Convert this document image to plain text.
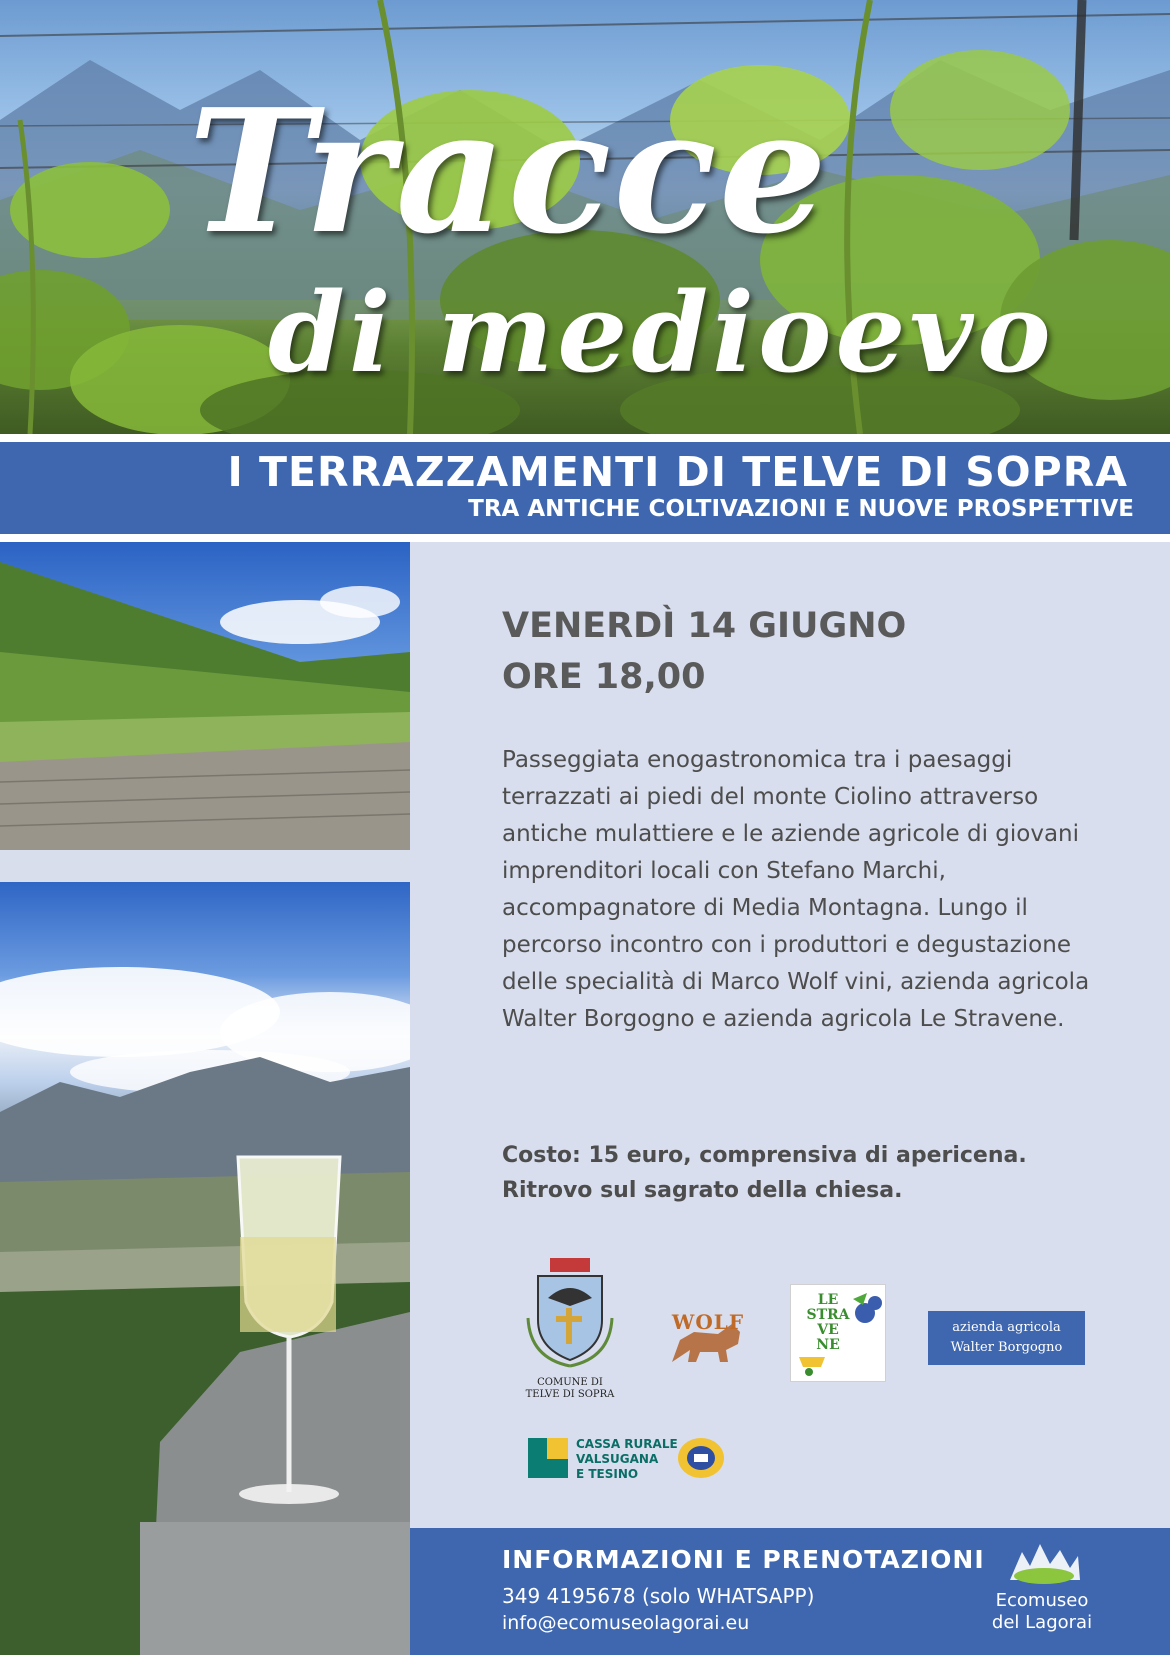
Tracce
di medioevo
I TERRAZZAMENTI DI TELVE DI SOPRA
TRA ANTICHE COLTIVAZIONI E NUOVE PROSPETTIVE
VENERDÌ 14 GIUGNO
ORE 18,00

Passeggiata enogastronomica tra i paesaggi terrazzati ai piedi del monte Ciolino attraverso antiche mulattiere e le aziende agricole di giovani imprenditori locali con Stefano Marchi, accompagnatore di Media Montagna. Lungo il percorso incontro con i produttori e degustazione delle specialità di Marco Wolf vini, azienda agricola Walter Borgogno e azienda agricola Le Stravene.

Costo: 15 euro, comprensiva di apericena.
Ritrovo sul sagrato della chiesa.
COMUNE DI
TELVE DI SOPRA
WOLF
LE
STRA
VE
NE
azienda agricola
Walter Borgogno
CASSA RURALE
VALSUGANA
E TESINO
INFORMAZIONI E PRENOTAZIONI
349 4195678 (solo WHATSAPP)
info@ecomuseolagorai.eu
Ecomuseo
del Lagorai
